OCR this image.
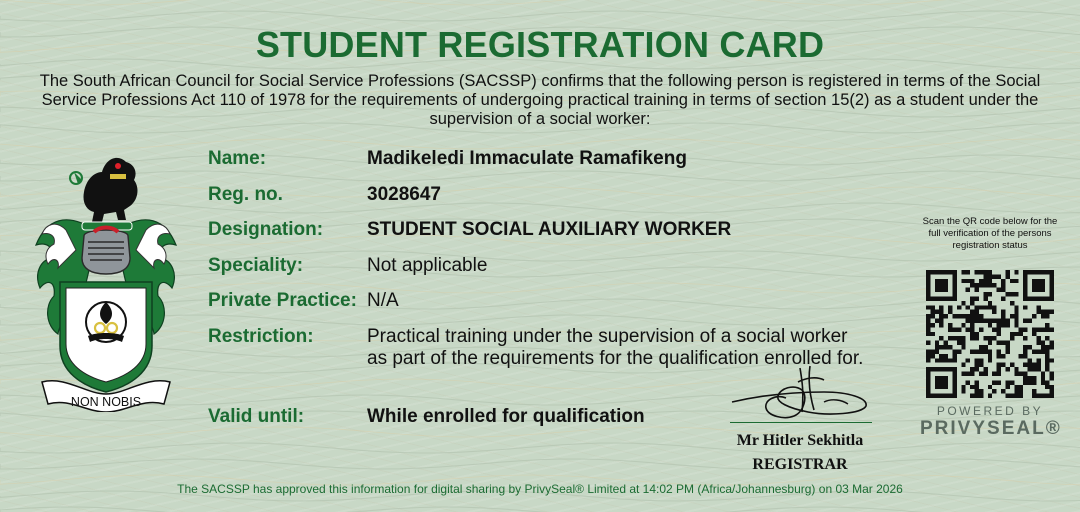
STUDENT REGISTRATION CARD
The South African Council for Social Service Professions (SACSSP) confirms that the following person is registered in terms of the Social Service Professions Act 110 of 1978 for the requirements of undergoing practical training in terms of section 15(2) as a student under the supervision of a social worker:
NON NOBIS
Name:	Madikeledi Immaculate Ramafikeng
Reg. no.	3028647
Designation: STUDENT SOCIAL AUXILIARY WORKER
Speciality:	Not applicable
Private Practice: N/A
Restriction:	Practical training under the supervision of a social worker
as part of the requirements for the qualification enrolled for.
Valid until:	While enrolled for qualification
Mr Hitler Sekhitla
REGISTRAR
Scan the QR code below for the full verification of the persons registration status
POWERED BY
PRIVYSEAL®
The SACSSP has approved this information for digital sharing by PrivySeal® Limited at 14:02 PM (Africa/Johannesburg) on 03 Mar 2026
